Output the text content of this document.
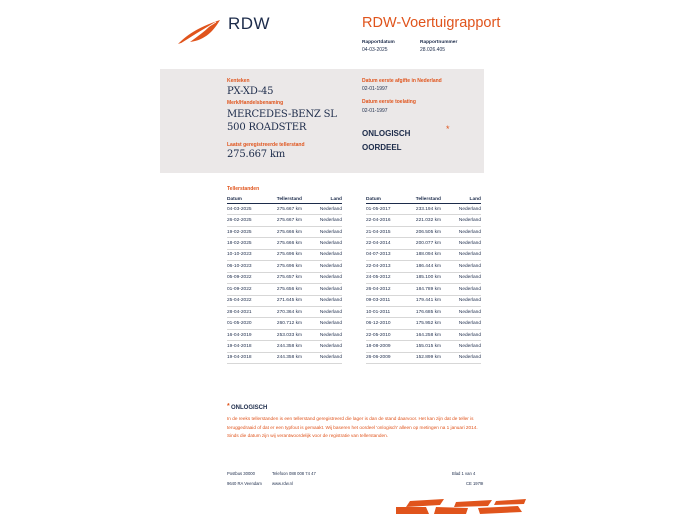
RDW	RDW-Voertuigrapport
Rapportdatum
04-03-2025
Rapportnummer
28.026.405
Kenteken
PX-XD-45
Merk/Handelsbenaming
MERCEDES-BENZ SL
500 ROADSTER
Laatst geregistreerde tellerstand
275.667 km
Datum eerste afgifte in Nederland
02-01-1997
Datum eerste toelating
02-01-1997
ONLOGISCH
OORDEEL
*
Tellerstanden
Datum	Tellerstand	Land
04-03-2025	275.667 km	Nederland
26-02-2025	275.667 km	Nederland
19-02-2025	275.666 km	Nederland
18-02-2025	275.666 km	Nederland
10-10-2023	275.696 km	Nederland
06-10-2023	275.696 km	Nederland
05-09-2022	275.657 km	Nederland
01-09-2022	275.656 km	Nederland
25-04-2022	271.645 km	Nederland
28-04-2021	270.364 km	Nederland
01-05-2020	260.712 km	Nederland
16-04-2019	253.033 km	Nederland
19-04-2018	244.358 km	Nederland
19-04-2018	244.358 km	Nederland
Datum	Tellerstand	Land
01-05-2017	233.194 km	Nederland
22-04-2016	221.032 km	Nederland
21-04-2015	206.505 km	Nederland
22-04-2014	200.077 km	Nederland
04-07-2013	188.094 km	Nederland
22-04-2013	186.444 km	Nederland
24-05-2012	185.100 km	Nederland
26-04-2012	184.789 km	Nederland
09-03-2011	179.441 km	Nederland
10-01-2011	176.685 km	Nederland
06-12-2010	175.952 km	Nederland
22-05-2010	164.258 km	Nederland
18-08-2009	155.015 km	Nederland
26-06-2009	152.899 km	Nederland
* ONLOGISCH
In de reeks tellerstanden is een tellerstand geregistreerd die lager is dan de stand daarvoor. Het kan zijn dat de teller is teruggedraaid of dat er een typfout is gemaakt. Wij baseren het oordeel 'onlogisch' alleen op metingen na 1 januari 2014. Sinds die datum zijn wij verantwoordelijk voor de registratie van tellerstanden.
Postbus 30000
9640 RA Veendam
Telefoon 088 008 74 47
www.rdw.nl
Blad 1 van 4
CE 1979I
